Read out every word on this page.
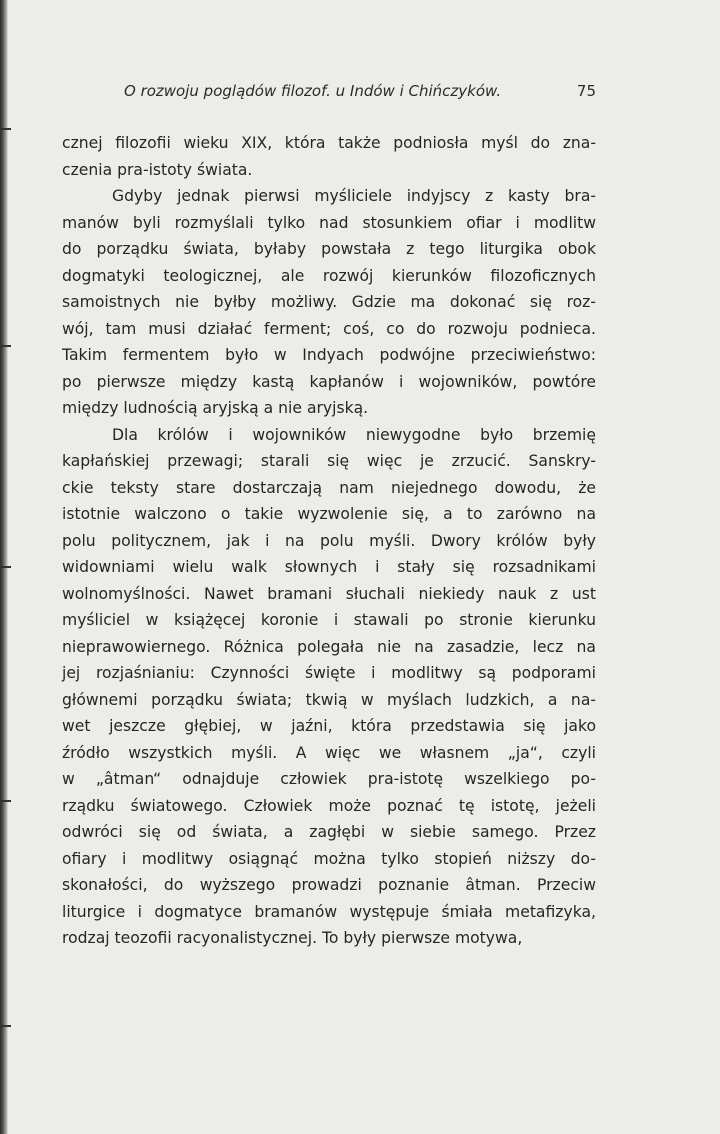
O rozwoju poglądów filozof. u Indów i Chińczyków.	75
cznej filozofii wieku XIX, która także podniosła myśl do zna-
czenia pra-istoty świata.
Gdyby jednak pierwsi myśliciele indyjscy z kasty bra-
manów byli rozmyślali tylko nad stosunkiem ofiar i modlitw
do porządku świata, byłaby powstała z tego liturgika obok
dogmatyki teologicznej, ale rozwój kierunków filozoficznych
samoistnych nie byłby możliwy. Gdzie ma dokonać się roz-
wój, tam musi działać ferment; coś, co do rozwoju podnieca.
Takim fermentem było w Indyach podwójne przeciwieństwo:
po pierwsze między kastą kapłanów i wojowników, powtóre
między ludnością aryjską a nie aryjską.
Dla królów i wojowników niewygodne było brzemię
kapłańskiej przewagi; starali się więc je zrzucić. Sanskry-
ckie teksty stare dostarczają nam niejednego dowodu, że
istotnie walczono o takie wyzwolenie się, a to zarówno na
polu politycznem, jak i na polu myśli. Dwory królów były
widowniami wielu walk słownych i stały się rozsadnikami
wolnomyślności. Nawet bramani słuchali niekiedy nauk z ust
myśliciel w książęcej koronie i stawali po stronie kierunku
nieprawowiernego. Różnica polegała nie na zasadzie, lecz na
jej rozjaśnianiu: Czynności święte i modlitwy są podporami
głównemi porządku świata; tkwią w myślach ludzkich, a na-
wet jeszcze głębiej, w jaźni, która przedstawia się jako
źródło wszystkich myśli. A więc we własnem „ja“, czyli
w „âtman“ odnajduje człowiek pra-istotę wszelkiego po-
rządku światowego. Człowiek może poznać tę istotę, jeżeli
odwróci się od świata, a zagłębi w siebie samego. Przez
ofiary i modlitwy osiągnąć można tylko stopień niższy do-
skonałości, do wyższego prowadzi poznanie âtman. Przeciw
liturgice i dogmatyce bramanów występuje śmiała metafizyka,
rodzaj teozofii racyonalistycznej. To były pierwsze motywa,
